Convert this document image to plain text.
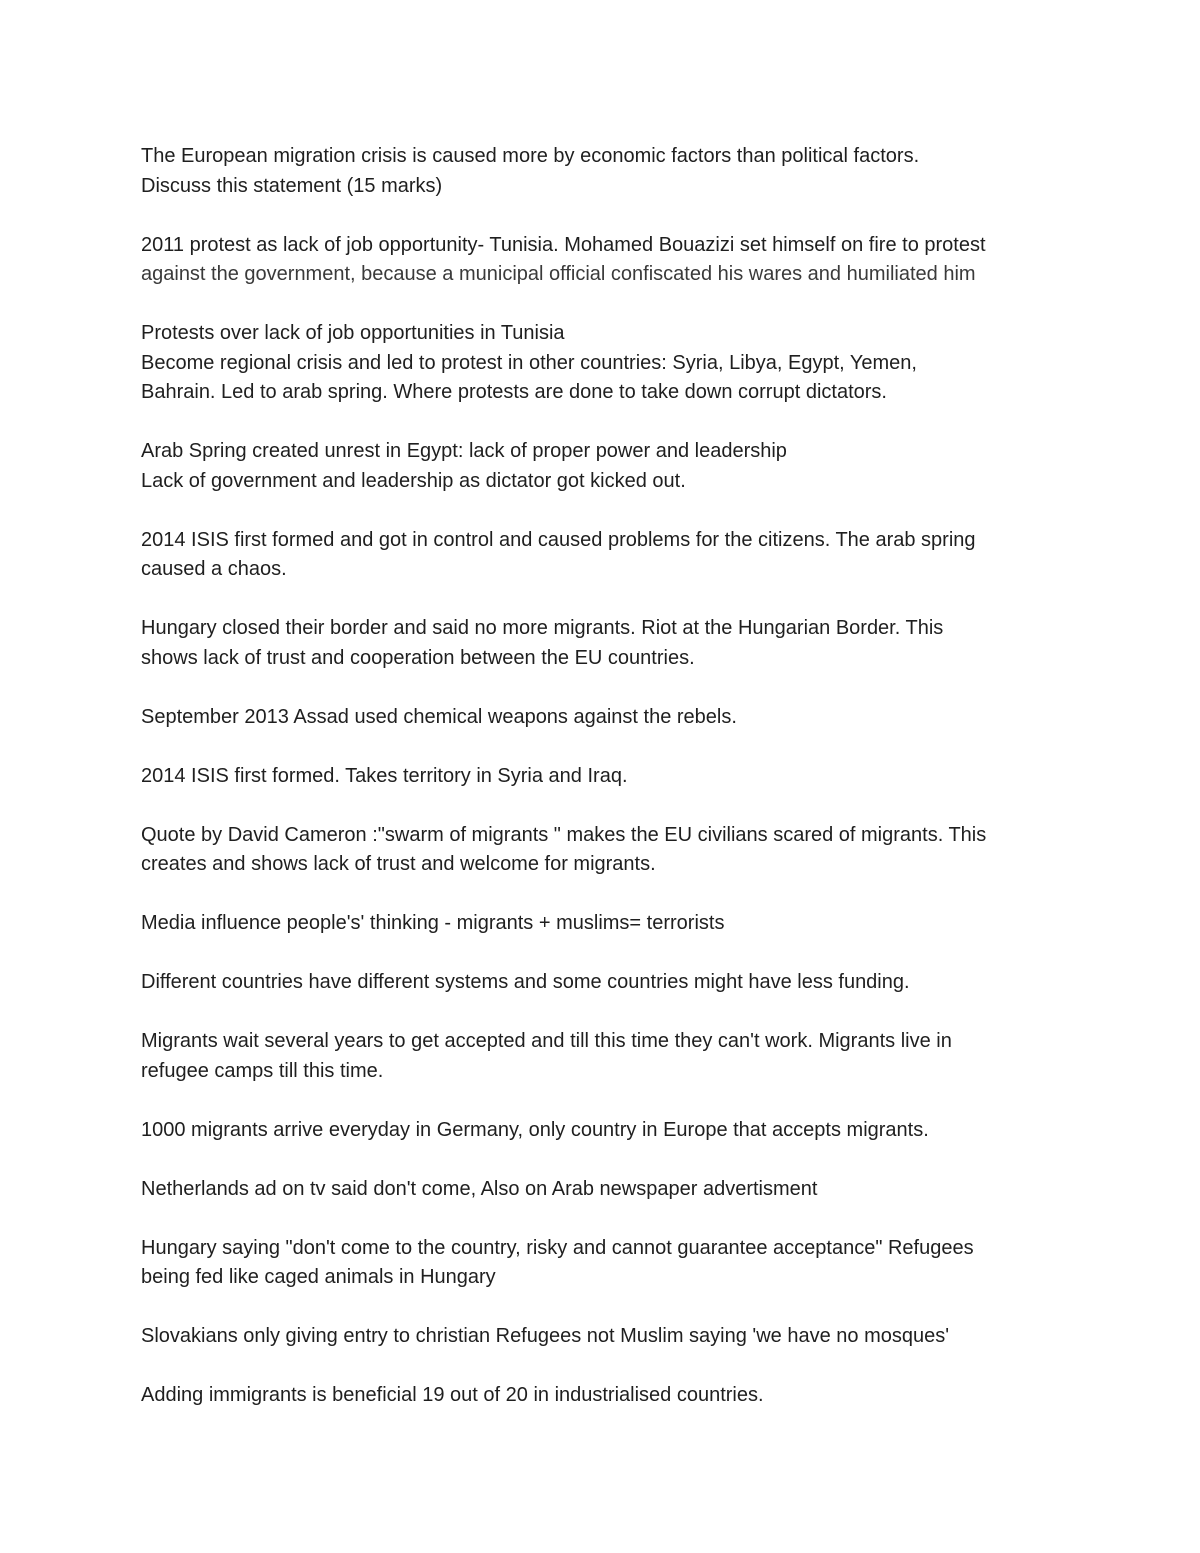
The European migration crisis is caused more by economic factors than political factors.
Discuss this statement (15 marks)

2011 protest as lack of job opportunity- Tunisia. Mohamed Bouazizi set himself on fire to protest
against the government, because a municipal official confiscated his wares and humiliated him

Protests over lack of job opportunities in Tunisia
Become regional crisis and led to protest in other countries: Syria, Libya, Egypt, Yemen,
Bahrain. Led to arab spring. Where protests are done to take down corrupt dictators.

Arab Spring created unrest in Egypt: lack of proper power and leadership
Lack of government and leadership as dictator got kicked out.

2014 ISIS first formed and got in control and caused problems for the citizens. The arab spring
caused a chaos.

Hungary closed their border and said no more migrants. Riot at the Hungarian Border. This
shows lack of trust and cooperation between the EU countries.

September 2013 Assad used chemical weapons against the rebels.

2014 ISIS first formed. Takes territory in Syria and Iraq.

Quote by David Cameron :"swarm of migrants " makes the EU civilians scared of migrants. This
creates and shows lack of trust and welcome for migrants.

Media influence people's' thinking - migrants + muslims= terrorists

Different countries have different systems and some countries might have less funding.

Migrants wait several years to get accepted and till this time they can't work. Migrants live in
refugee camps till this time.

1000 migrants arrive everyday in Germany, only country in Europe that accepts migrants.

Netherlands ad on tv said don't come, Also on Arab newspaper advertisment

Hungary saying "don't come to the country, risky and cannot guarantee acceptance" Refugees
being fed like caged animals in Hungary

Slovakians only giving entry to christian Refugees not Muslim saying 'we have no mosques'

Adding immigrants is beneficial 19 out of 20 in industrialised countries.
